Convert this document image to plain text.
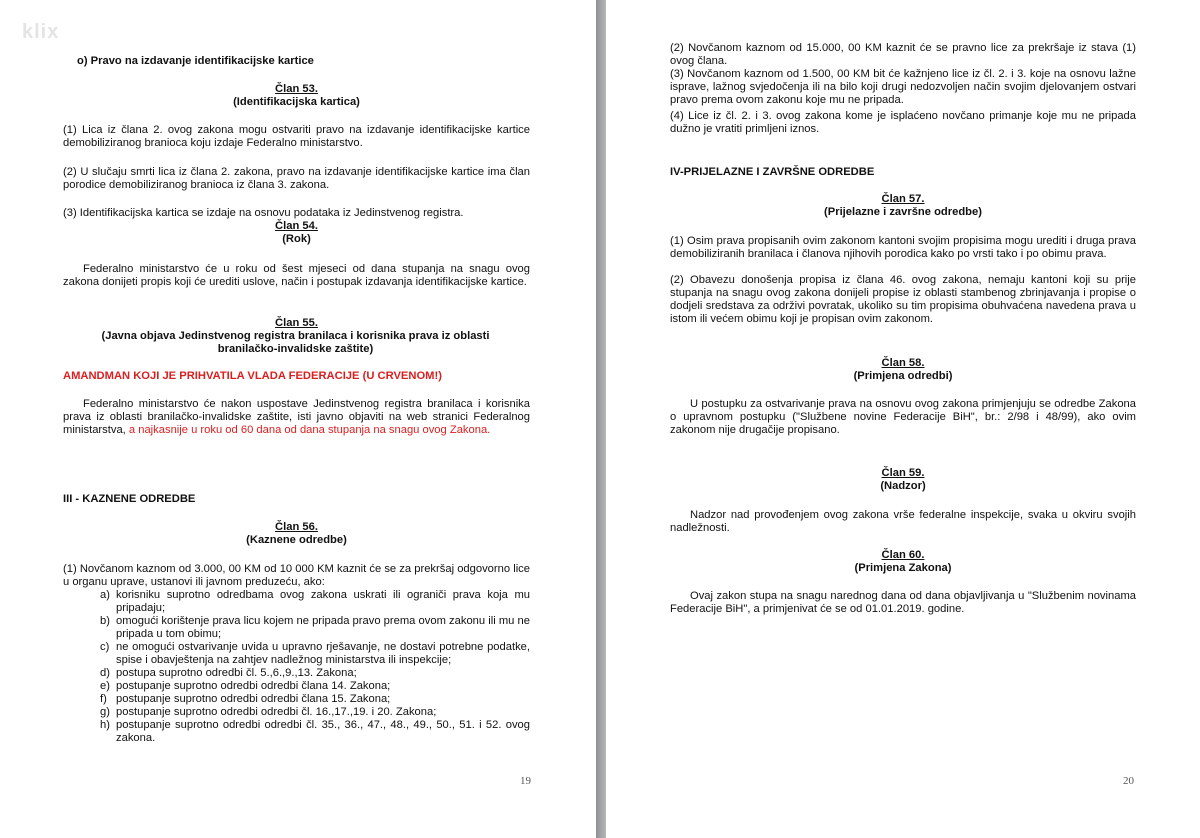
klix
o) Pravo na izdavanje identifikacijske kartice
Član 53.
(Identifikacijska kartica)
(1) Lica iz člana 2. ovog zakona mogu ostvariti pravo na izdavanje identifikacijske kartice demobiliziranog branioca koju izdaje Federalno ministarstvo.
(2) U slučaju smrti lica iz člana 2. zakona, pravo na izdavanje identifikacijske kartice ima član porodice demobiliziranog branioca iz člana 3. zakona.
(3) Identifikacijska kartica se izdaje na osnovu podataka iz Jedinstvenog registra.
Član 54.
(Rok)
Federalno ministarstvo će u roku od šest mjeseci od dana stupanja na snagu ovog zakona donijeti propis koji će urediti uslove, način i postupak izdavanja identifikacijske kartice.
Član 55.
(Javna objava Jedinstvenog registra branilaca i korisnika prava iz oblasti branilačko-invalidske zaštite)
AMANDMAN KOJI JE PRIHVATILA VLADA FEDERACIJE (U CRVENOM!)
Federalno ministarstvo će nakon uspostave Jedinstvenog registra branilaca i korisnika prava iz oblasti branilačko-invalidske zaštite, isti javno objaviti na web stranici Federalnog ministarstva, a najkasnije u roku od 60 dana od dana stupanja na snagu ovog Zakona.
III - KAZNENE ODREDBE
Član 56.
(Kaznene odredbe)
(1) Novčanom kaznom od 3.000, 00 KM od 10 000 KM kaznit će se za prekršaj odgovorno lice u organu uprave, ustanovi ili javnom preduzeću, ako:
a) korisniku suprotno odredbama ovog zakona uskrati ili ograniči prava koja mu pripadaju;
b) omogući korištenje prava licu kojem ne pripada pravo prema ovom zakonu ili mu ne pripada u tom obimu;
c) ne omogući ostvarivanje uvida u upravno rješavanje, ne dostavi potrebne podatke, spise i obavještenja na zahtjev nadležnog ministarstva ili inspekcije;
d) postupa suprotno odredbi čl. 5.,6.,9.,13. Zakona;
e) postupanje suprotno odredbi odredbi člana 14. Zakona;
f) postupanje suprotno odredbi odredbi člana 15. Zakona;
g) postupanje suprotno odredbi odredbi čl. 16.,17.,19. i 20. Zakona;
h) postupanje suprotno odredbi odredbi čl. 35., 36., 47., 48., 49., 50., 51. i 52. ovog zakona.
19
(2) Novčanom kaznom od 15.000, 00 KM kaznit će se pravno lice za prekršaje iz stava (1) ovog člana.
(3) Novčanom kaznom od 1.500, 00 KM bit će kažnjeno lice iz čl. 2. i 3. koje na osnovu lažne isprave, lažnog svjedočenja ili na bilo koji drugi nedozvoljen način svojim djelovanjem ostvari pravo prema ovom zakonu koje mu ne pripada.
(4) Lice iz čl. 2. i 3. ovog zakona kome je isplaćeno novčano primanje koje mu ne pripada dužno je vratiti primljeni iznos.
IV-PRIJELAZNE I ZAVRŠNE ODREDBE
Član 57.
(Prijelazne i završne odredbe)
(1) Osim prava propisanih ovim zakonom kantoni svojim propisima mogu urediti i druga prava demobiliziranih branilaca i članova njihovih porodica kako po vrsti tako i po obimu prava.
(2) Obavezu donošenja propisa iz člana 46. ovog zakona, nemaju kantoni koji su prije stupanja na snagu ovog zakona donijeli propise iz oblasti stambenog zbrinjavanja i propise o dodjeli sredstava za održivi povratak, ukoliko su tim propisima obuhvaćena navedena prava u istom ili većem obimu koji je propisan ovim zakonom.
Član 58.
(Primjena odredbi)
U postupku za ostvarivanje prava na osnovu ovog zakona primjenjuju se odredbe Zakona o upravnom postupku ("Službene novine Federacije BiH", br.: 2/98 i 48/99), ako ovim zakonom nije drugačije propisano.
Član 59.
(Nadzor)
Nadzor nad provođenjem ovog zakona vrše federalne inspekcije, svaka u okviru svojih nadležnosti.
Član 60.
(Primjena Zakona)
Ovaj zakon stupa na snagu narednog dana od dana objavljivanja u "Službenim novinama Federacije BiH", a primjenivat će se od 01.01.2019. godine.
20
